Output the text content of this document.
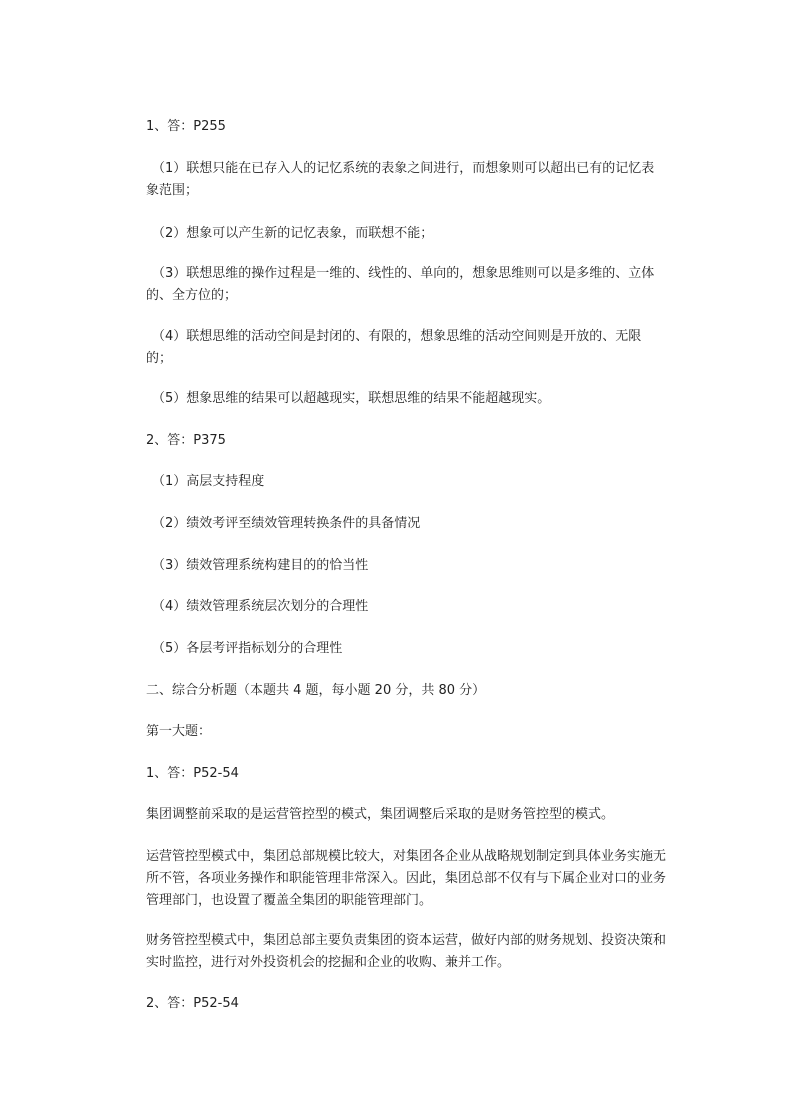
1、答：P255
（1）联想只能在已存入人的记忆系统的表象之间进行，而想象则可以超出已有的记忆表象范围；
（2）想象可以产生新的记忆表象，而联想不能；
（3）联想思维的操作过程是一维的、线性的、单向的，想象思维则可以是多维的、立体的、全方位的；
（4）联想思维的活动空间是封闭的、有限的，想象思维的活动空间则是开放的、无限的；
（5）想象思维的结果可以超越现实，联想思维的结果不能超越现实。
2、答：P375
（1）高层支持程度
（2）绩效考评至绩效管理转换条件的具备情况
（3）绩效管理系统构建目的的恰当性
（4）绩效管理系统层次划分的合理性
（5）各层考评指标划分的合理性
二、综合分析题（本题共 4 题，每小题 20 分，共 80 分）
第一大题：
1、答：P52-54
集团调整前采取的是运营管控型的模式，集团调整后采取的是财务管控型的模式。
运营管控型模式中，集团总部规模比较大，对集团各企业从战略规划制定到具体业务实施无所不管，各项业务操作和职能管理非常深入。因此，集团总部不仅有与下属企业对口的业务管理部门，也设置了覆盖全集团的职能管理部门。
财务管控型模式中，集团总部主要负责集团的资本运营，做好内部的财务规划、投资决策和实时监控，进行对外投资机会的挖掘和企业的收购、兼并工作。
2、答：P52-54
